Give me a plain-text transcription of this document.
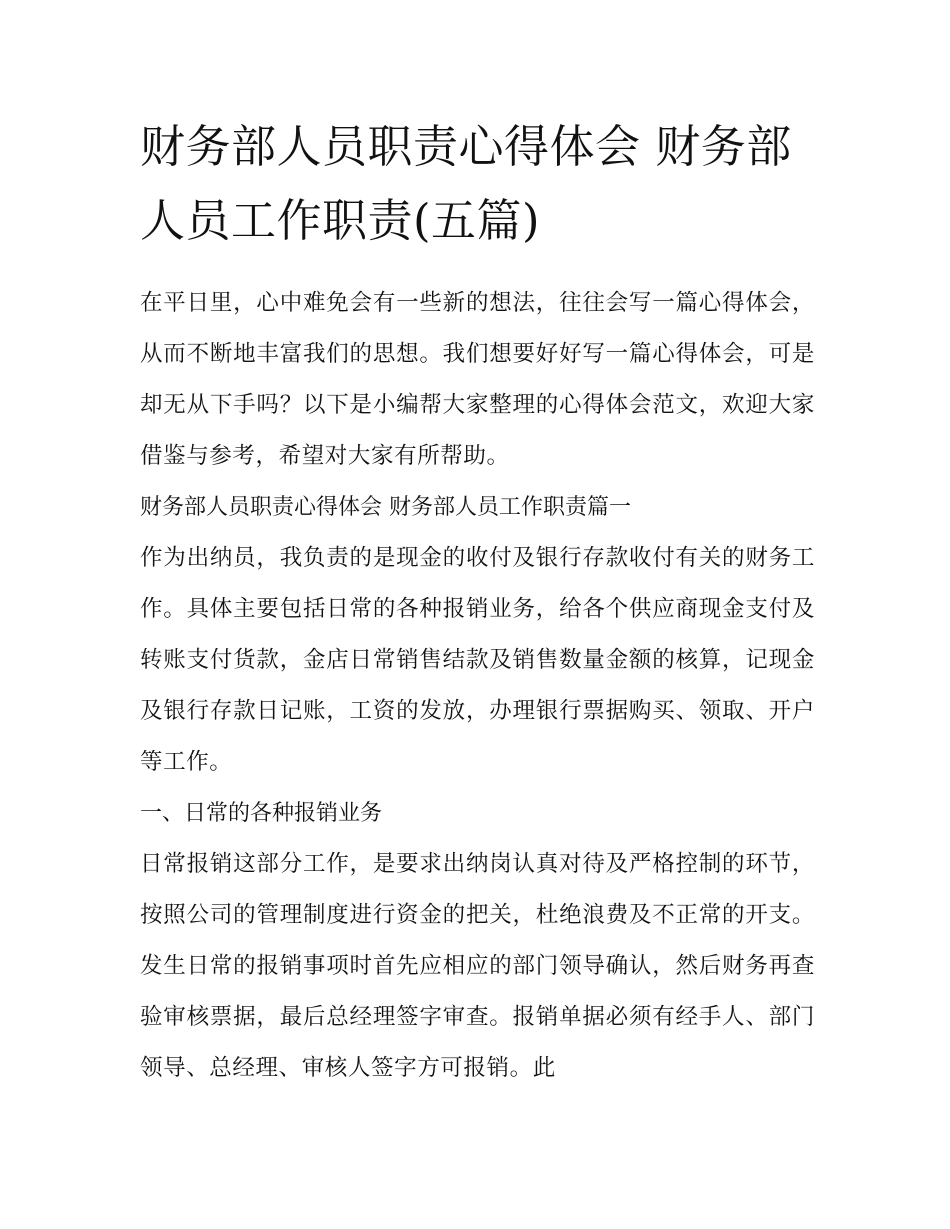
财务部人员职责心得体会 财务部人员工作职责(五篇)

在平日里，心中难免会有一些新的想法，往往会写一篇心得体会，从而不断地丰富我们的思想。我们想要好好写一篇心得体会，可是却无从下手吗？以下是小编帮大家整理的心得体会范文，欢迎大家借鉴与参考，希望对大家有所帮助。

财务部人员职责心得体会 财务部人员工作职责篇一

作为出纳员，我负责的是现金的收付及银行存款收付有关的财务工作。具体主要包括日常的各种报销业务，给各个供应商现金支付及转账支付货款，金店日常销售结款及销售数量金额的核算，记现金及银行存款日记账，工资的发放，办理银行票据购买、领取、开户等工作。

一、日常的各种报销业务

日常报销这部分工作，是要求出纳岗认真对待及严格控制的环节，按照公司的管理制度进行资金的把关，杜绝浪费及不正常的开支。发生日常的报销事项时首先应相应的部门领导确认，然后财务再查验审核票据，最后总经理签字审查。报销单据必须有经手人、部门领导、总经理、审核人签字方可报销。此
